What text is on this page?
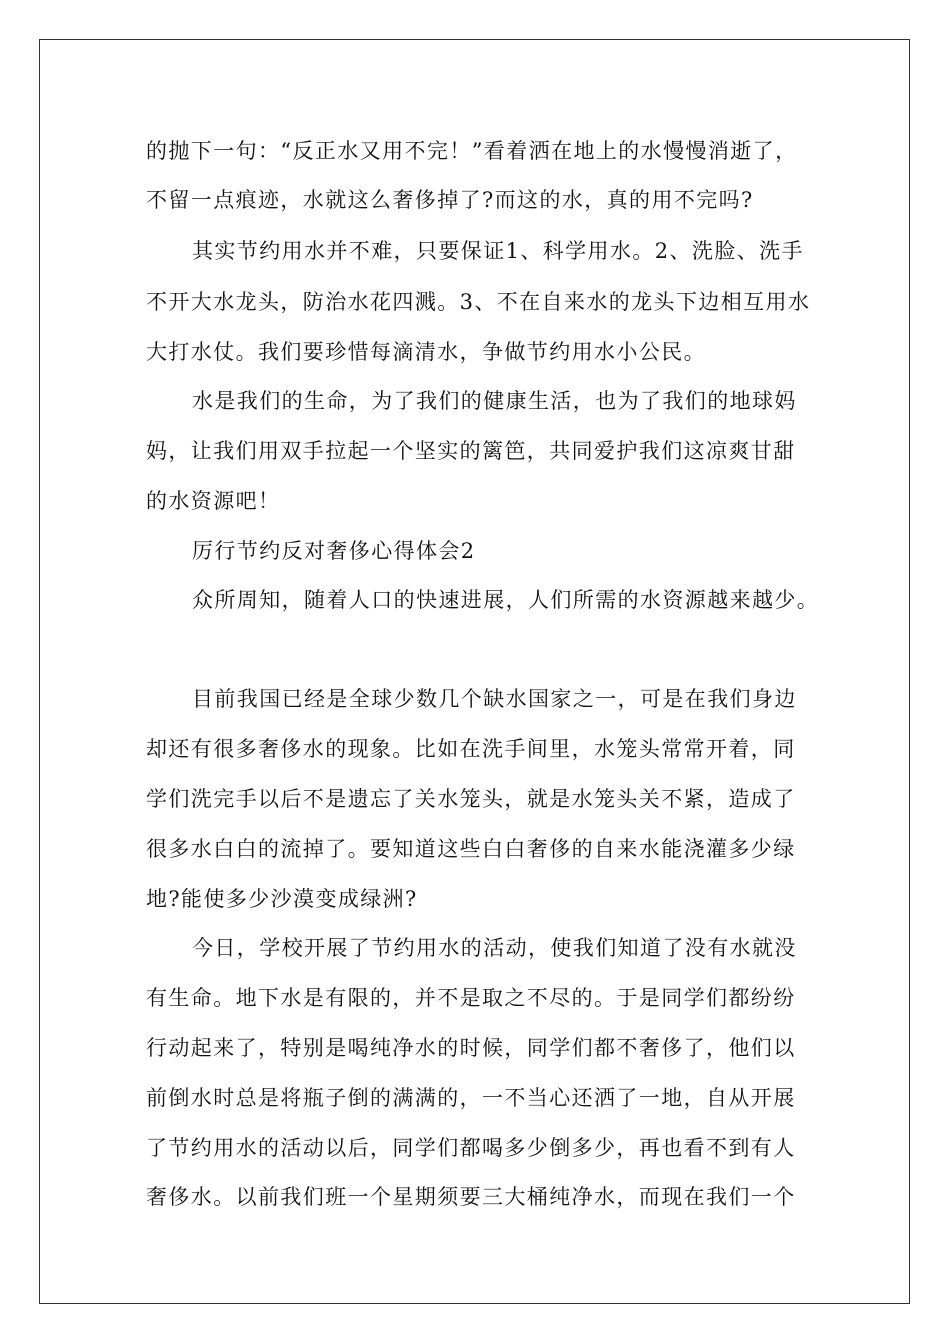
的抛下一句：“反正水又用不完！”看着洒在地上的水慢慢消逝了，
不留一点痕迹，水就这么奢侈掉了?而这的水，真的用不完吗?
其实节约用水并不难，只要保证1、科学用水。2、洗脸、洗手
不开大水龙头，防治水花四溅。3、不在自来水的龙头下边相互用水
大打水仗。我们要珍惜每滴清水，争做节约用水小公民。
水是我们的生命，为了我们的健康生活，也为了我们的地球妈
妈，让我们用双手拉起一个坚实的篱笆，共同爱护我们这凉爽甘甜
的水资源吧！
厉行节约反对奢侈心得体会2
众所周知，随着人口的快速进展，人们所需的水资源越来越少。
目前我国已经是全球少数几个缺水国家之一，可是在我们身边
却还有很多奢侈水的现象。比如在洗手间里，水笼头常常开着，同
学们洗完手以后不是遗忘了关水笼头，就是水笼头关不紧，造成了
很多水白白的流掉了。要知道这些白白奢侈的自来水能浇灌多少绿
地?能使多少沙漠变成绿洲?
今日，学校开展了节约用水的活动，使我们知道了没有水就没
有生命。地下水是有限的，并不是取之不尽的。于是同学们都纷纷
行动起来了，特别是喝纯净水的时候，同学们都不奢侈了，他们以
前倒水时总是将瓶子倒的满满的，一不当心还洒了一地，自从开展
了节约用水的活动以后，同学们都喝多少倒多少，再也看不到有人
奢侈水。以前我们班一个星期须要三大桶纯净水，而现在我们一个
